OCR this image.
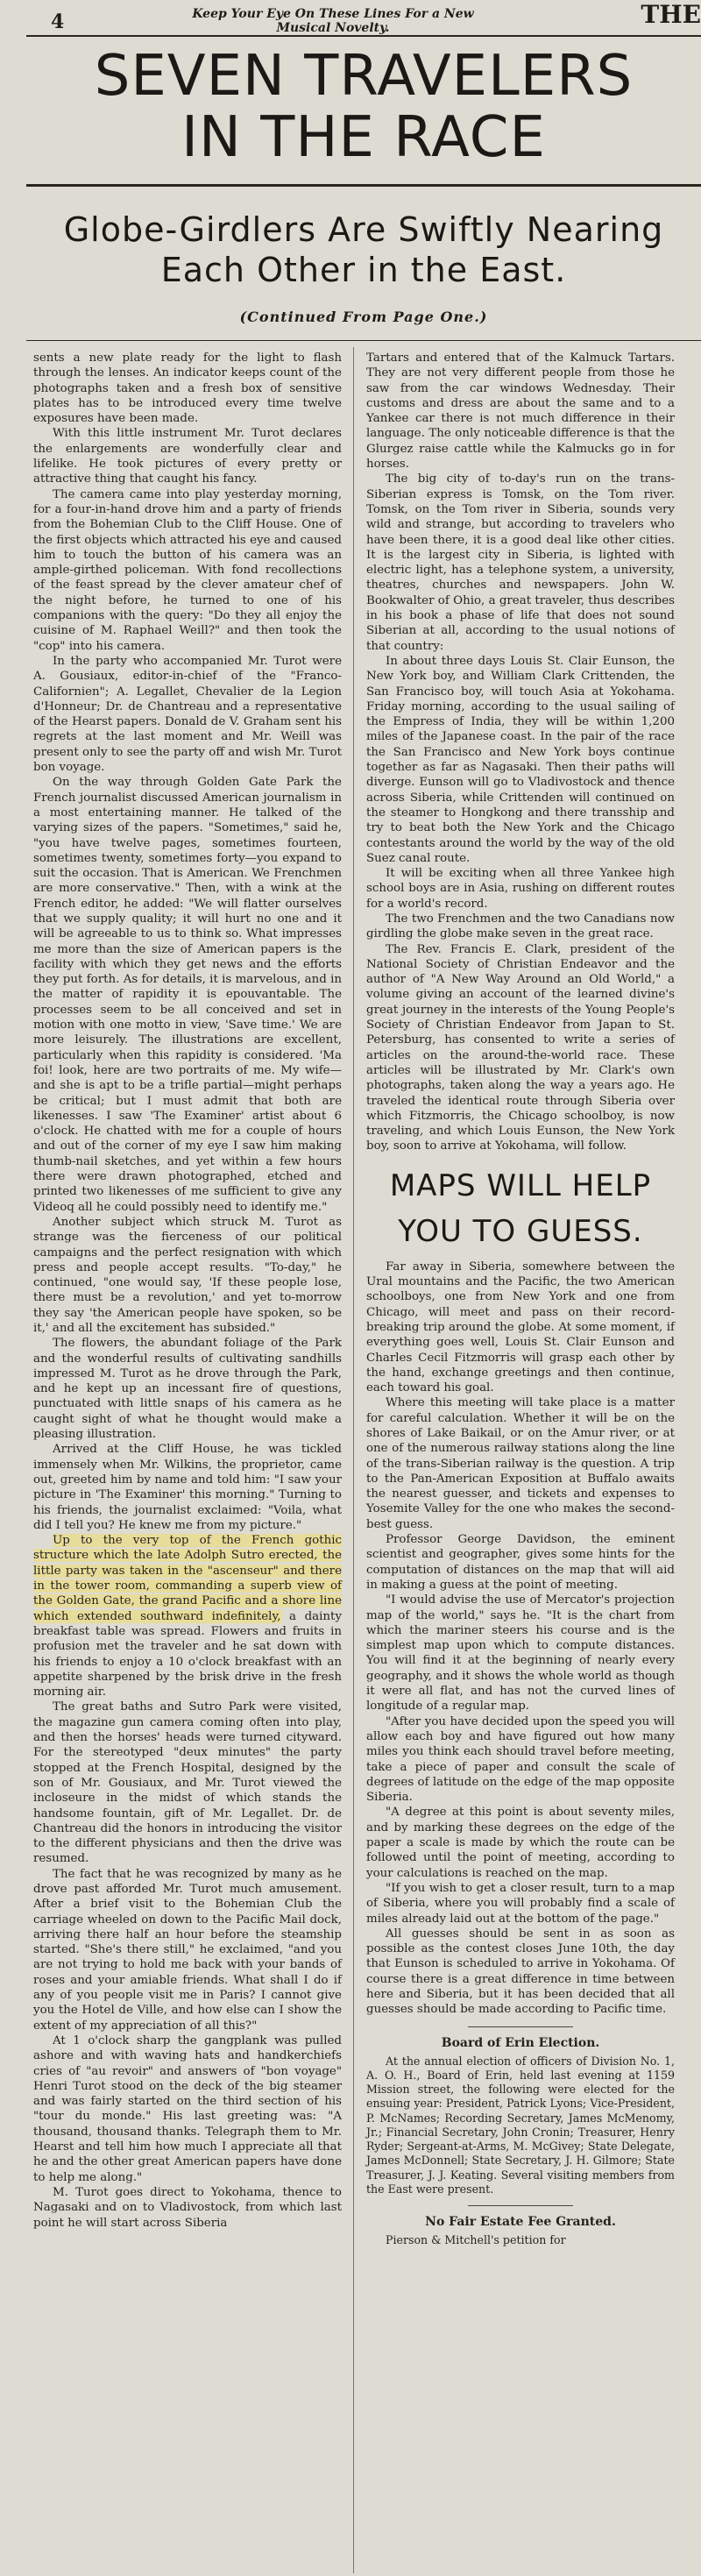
4	Keep Your Eye On These Lines For a New Musical Novelty.	THE
SEVEN TRAVELERS
IN THE RACE
Globe-Girdlers Are Swiftly Nearing
Each Other in the East.
(Continued From Page One.)

sents a new plate ready for the light to flash through the lenses. An indicator keeps count of the photographs taken and a fresh box of sensitive plates has to be introduced every time twelve exposures have been made.

With this little instrument Mr. Turot declares the enlargements are wonderfully clear and lifelike. He took pictures of every pretty or attractive thing that caught his fancy.

The camera came into play yesterday morning, for a four-in-hand drove him and a party of friends from the Bohemian Club to the Cliff House. One of the first objects which attracted his eye and caused him to touch the button of his camera was an ample-girthed policeman. With fond recollections of the feast spread by the clever amateur chef of the night before, he turned to one of his companions with the query: "Do they all enjoy the cuisine of M. Raphael Weill?" and then took the "cop" into his camera.

In the party who accompanied Mr. Turot were A. Gousiaux, editor-in-chief of the "Franco-Californien"; A. Legallet, Chevalier de la Legion d'Honneur; Dr. de Chantreau and a representative of the Hearst papers. Donald de V. Graham sent his regrets at the last moment and Mr. Weill was present only to see the party off and wish Mr. Turot bon voyage.

On the way through Golden Gate Park the French journalist discussed American journalism in a most entertaining manner. He talked of the varying sizes of the papers. "Sometimes," said he, "you have twelve pages, sometimes fourteen, sometimes twenty, sometimes forty—you expand to suit the occasion. That is American. We Frenchmen are more conservative." Then, with a wink at the French editor, he added: "We will flatter ourselves that we supply quality; it will hurt no one and it will be agreeable to us to think so. What impresses me more than the size of American papers is the facility with which they get news and the efforts they put forth. As for details, it is marvelous, and in the matter of rapidity it is epouvantable. The processes seem to be all conceived and set in motion with one motto in view, 'Save time.' We are more leisurely. The illustrations are excellent, particularly when this rapidity is considered. 'Ma foi! look, here are two portraits of me. My wife—and she is apt to be a trifle partial—might perhaps be critical; but I must admit that both are likenesses. I saw 'The Examiner' artist about 6 o'clock. He chatted with me for a couple of hours and out of the corner of my eye I saw him making thumb-nail sketches, and yet within a few hours there were drawn photographed, etched and printed two likenesses of me sufficient to give any Videoq all he could possibly need to identify me."

Another subject which struck M. Turot as strange was the fierceness of our political campaigns and the perfect resignation with which press and people accept results. "To-day," he continued, "one would say, 'If these people lose, there must be a revolution,' and yet to-morrow they say 'the American people have spoken, so be it,' and all the excitement has subsided."

The flowers, the abundant foliage of the Park and the wonderful results of cultivating sandhills impressed M. Turot as he drove through the Park, and he kept up an incessant fire of questions, punctuated with little snaps of his camera as he caught sight of what he thought would make a pleasing illustration.

Arrived at the Cliff House, he was tickled immensely when Mr. Wilkins, the proprietor, came out, greeted him by name and told him: "I saw your picture in 'The Examiner' this morning." Turning to his friends, the journalist exclaimed: "Voila, what did I tell you? He knew me from my picture."

Up to the very top of the French gothic structure which the late Adolph Sutro erected, the little party was taken in the "ascenseur" and there in the tower room, commanding a superb view of the Golden Gate, the grand Pacific and a shore line which extended southward indefinitely, a dainty breakfast table was spread. Flowers and fruits in profusion met the traveler and he sat down with his friends to enjoy a 10 o'clock breakfast with an appetite sharpened by the brisk drive in the fresh morning air.

The great baths and Sutro Park were visited, the magazine gun camera coming often into play, and then the horses' heads were turned cityward. For the stereotyped "deux minutes" the party stopped at the French Hospital, designed by the son of Mr. Gousiaux, and Mr. Turot viewed the incloseure in the midst of which stands the handsome fountain, gift of Mr. Legallet. Dr. de Chantreau did the honors in introducing the visitor to the different physicians and then the drive was resumed.

The fact that he was recognized by many as he drove past afforded Mr. Turot much amusement. After a brief visit to the Bohemian Club the carriage wheeled on down to the Pacific Mail dock, arriving there half an hour before the steamship started. "She's there still," he exclaimed, "and you are not trying to hold me back with your bands of roses and your amiable friends. What shall I do if any of you people visit me in Paris? I cannot give you the Hotel de Ville, and how else can I show the extent of my appreciation of all this?"

At 1 o'clock sharp the gangplank was pulled ashore and with waving hats and handkerchiefs cries of "au revoir" and answers of "bon voyage" Henri Turot stood on the deck of the big steamer and was fairly started on the third section of his "tour du monde." His last greeting was: "A thousand, thousand thanks. Telegraph them to Mr. Hearst and tell him how much I appreciate all that he and the other great American papers have done to help me along."

M. Turot goes direct to Yokohama, thence to Nagasaki and on to Vladivostock, from which last point he will start across Siberia

Tartars and entered that of the Kalmuck Tartars. They are not very different people from those he saw from the car windows Wednesday. Their customs and dress are about the same and to a Yankee car there is not much difference in their language. The only noticeable difference is that the Glurgez raise cattle while the Kalmucks go in for horses.

The big city of to-day's run on the trans-Siberian express is Tomsk, on the Tom river. Tomsk, on the Tom river in Siberia, sounds very wild and strange, but according to travelers who have been there, it is a good deal like other cities. It is the largest city in Siberia, is lighted with electric light, has a telephone system, a university, theatres, churches and newspapers. John W. Bookwalter of Ohio, a great traveler, thus describes in his book a phase of life that does not sound Siberian at all, according to the usual notions of that country:

In about three days Louis St. Clair Eunson, the New York boy, and William Clark Crittenden, the San Francisco boy, will touch Asia at Yokohama. Friday morning, according to the usual sailing of the Empress of India, they will be within 1,200 miles of the Japanese coast. In the pair of the race the San Francisco and New York boys continue together as far as Nagasaki. Then their paths will diverge. Eunson will go to Vladivostock and thence across Siberia, while Crittenden will continued on the steamer to Hongkong and there transship and try to beat both the New York and the Chicago contestants around the world by the way of the old Suez canal route.

It will be exciting when all three Yankee high school boys are in Asia, rushing on different routes for a world's record.

The two Frenchmen and the two Canadians now girdling the globe make seven in the great race.

The Rev. Francis E. Clark, president of the National Society of Christian Endeavor and the author of "A New Way Around an Old World," a volume giving an account of the learned divine's great journey in the interests of the Young People's Society of Christian Endeavor from Japan to St. Petersburg, has consented to write a series of articles on the around-the-world race. These articles will be illustrated by Mr. Clark's own photographs, taken along the way a years ago. He traveled the identical route through Siberia over which Fitzmorris, the Chicago schoolboy, is now traveling, and which Louis Eunson, the New York boy, soon to arrive at Yokohama, will follow.

MAPS WILL HELP
YOU TO GUESS.

Far away in Siberia, somewhere between the Ural mountains and the Pacific, the two American schoolboys, one from New York and one from Chicago, will meet and pass on their record-breaking trip around the globe. At some moment, if everything goes well, Louis St. Clair Eunson and Charles Cecil Fitzmorris will grasp each other by the hand, exchange greetings and then continue, each toward his goal.

Where this meeting will take place is a matter for careful calculation. Whether it will be on the shores of Lake Baikail, or on the Amur river, or at one of the numerous railway stations along the line of the trans-Siberian railway is the question. A trip to the Pan-American Exposition at Buffalo awaits the nearest guesser, and tickets and expenses to Yosemite Valley for the one who makes the second-best guess.

Professor George Davidson, the eminent scientist and geographer, gives some hints for the computation of distances on the map that will aid in making a guess at the point of meeting.

"I would advise the use of Mercator's projection map of the world," says he. "It is the chart from which the mariner steers his course and is the simplest map upon which to compute distances. You will find it at the beginning of nearly every geography, and it shows the whole world as though it were all flat, and has not the curved lines of longitude of a regular map.

"After you have decided upon the speed you will allow each boy and have figured out how many miles you think each should travel before meeting, take a piece of paper and consult the scale of degrees of latitude on the edge of the map opposite Siberia.

"A degree at this point is about seventy miles, and by marking these degrees on the edge of the paper a scale is made by which the route can be followed until the point of meeting, according to your calculations is reached on the map.

"If you wish to get a closer result, turn to a map of Siberia, where you will probably find a scale of miles already laid out at the bottom of the page."

All guesses should be sent in as soon as possible as the contest closes June 10th, the day that Eunson is scheduled to arrive in Yokohama. Of course there is a great difference in time between here and Siberia, but it has been decided that all guesses should be made according to Pacific time.

Board of Erin Election.

At the annual election of officers of Division No. 1, A. O. H., Board of Erin, held last evening at 1159 Mission street, the following were elected for the ensuing year: President, Patrick Lyons; Vice-President, P. McNames; Recording Secretary, James McMenomy, Jr.; Financial Secretary, John Cronin; Treasurer, Henry Ryder; Sergeant-at-Arms, M. McGivey; State Delegate, James McDonnell; State Secretary, J. H. Gilmore; State Treasurer, J. J. Keating. Several visiting members from the East were present.

No Fair Estate Fee Granted.

Pierson & Mitchell's petition for
